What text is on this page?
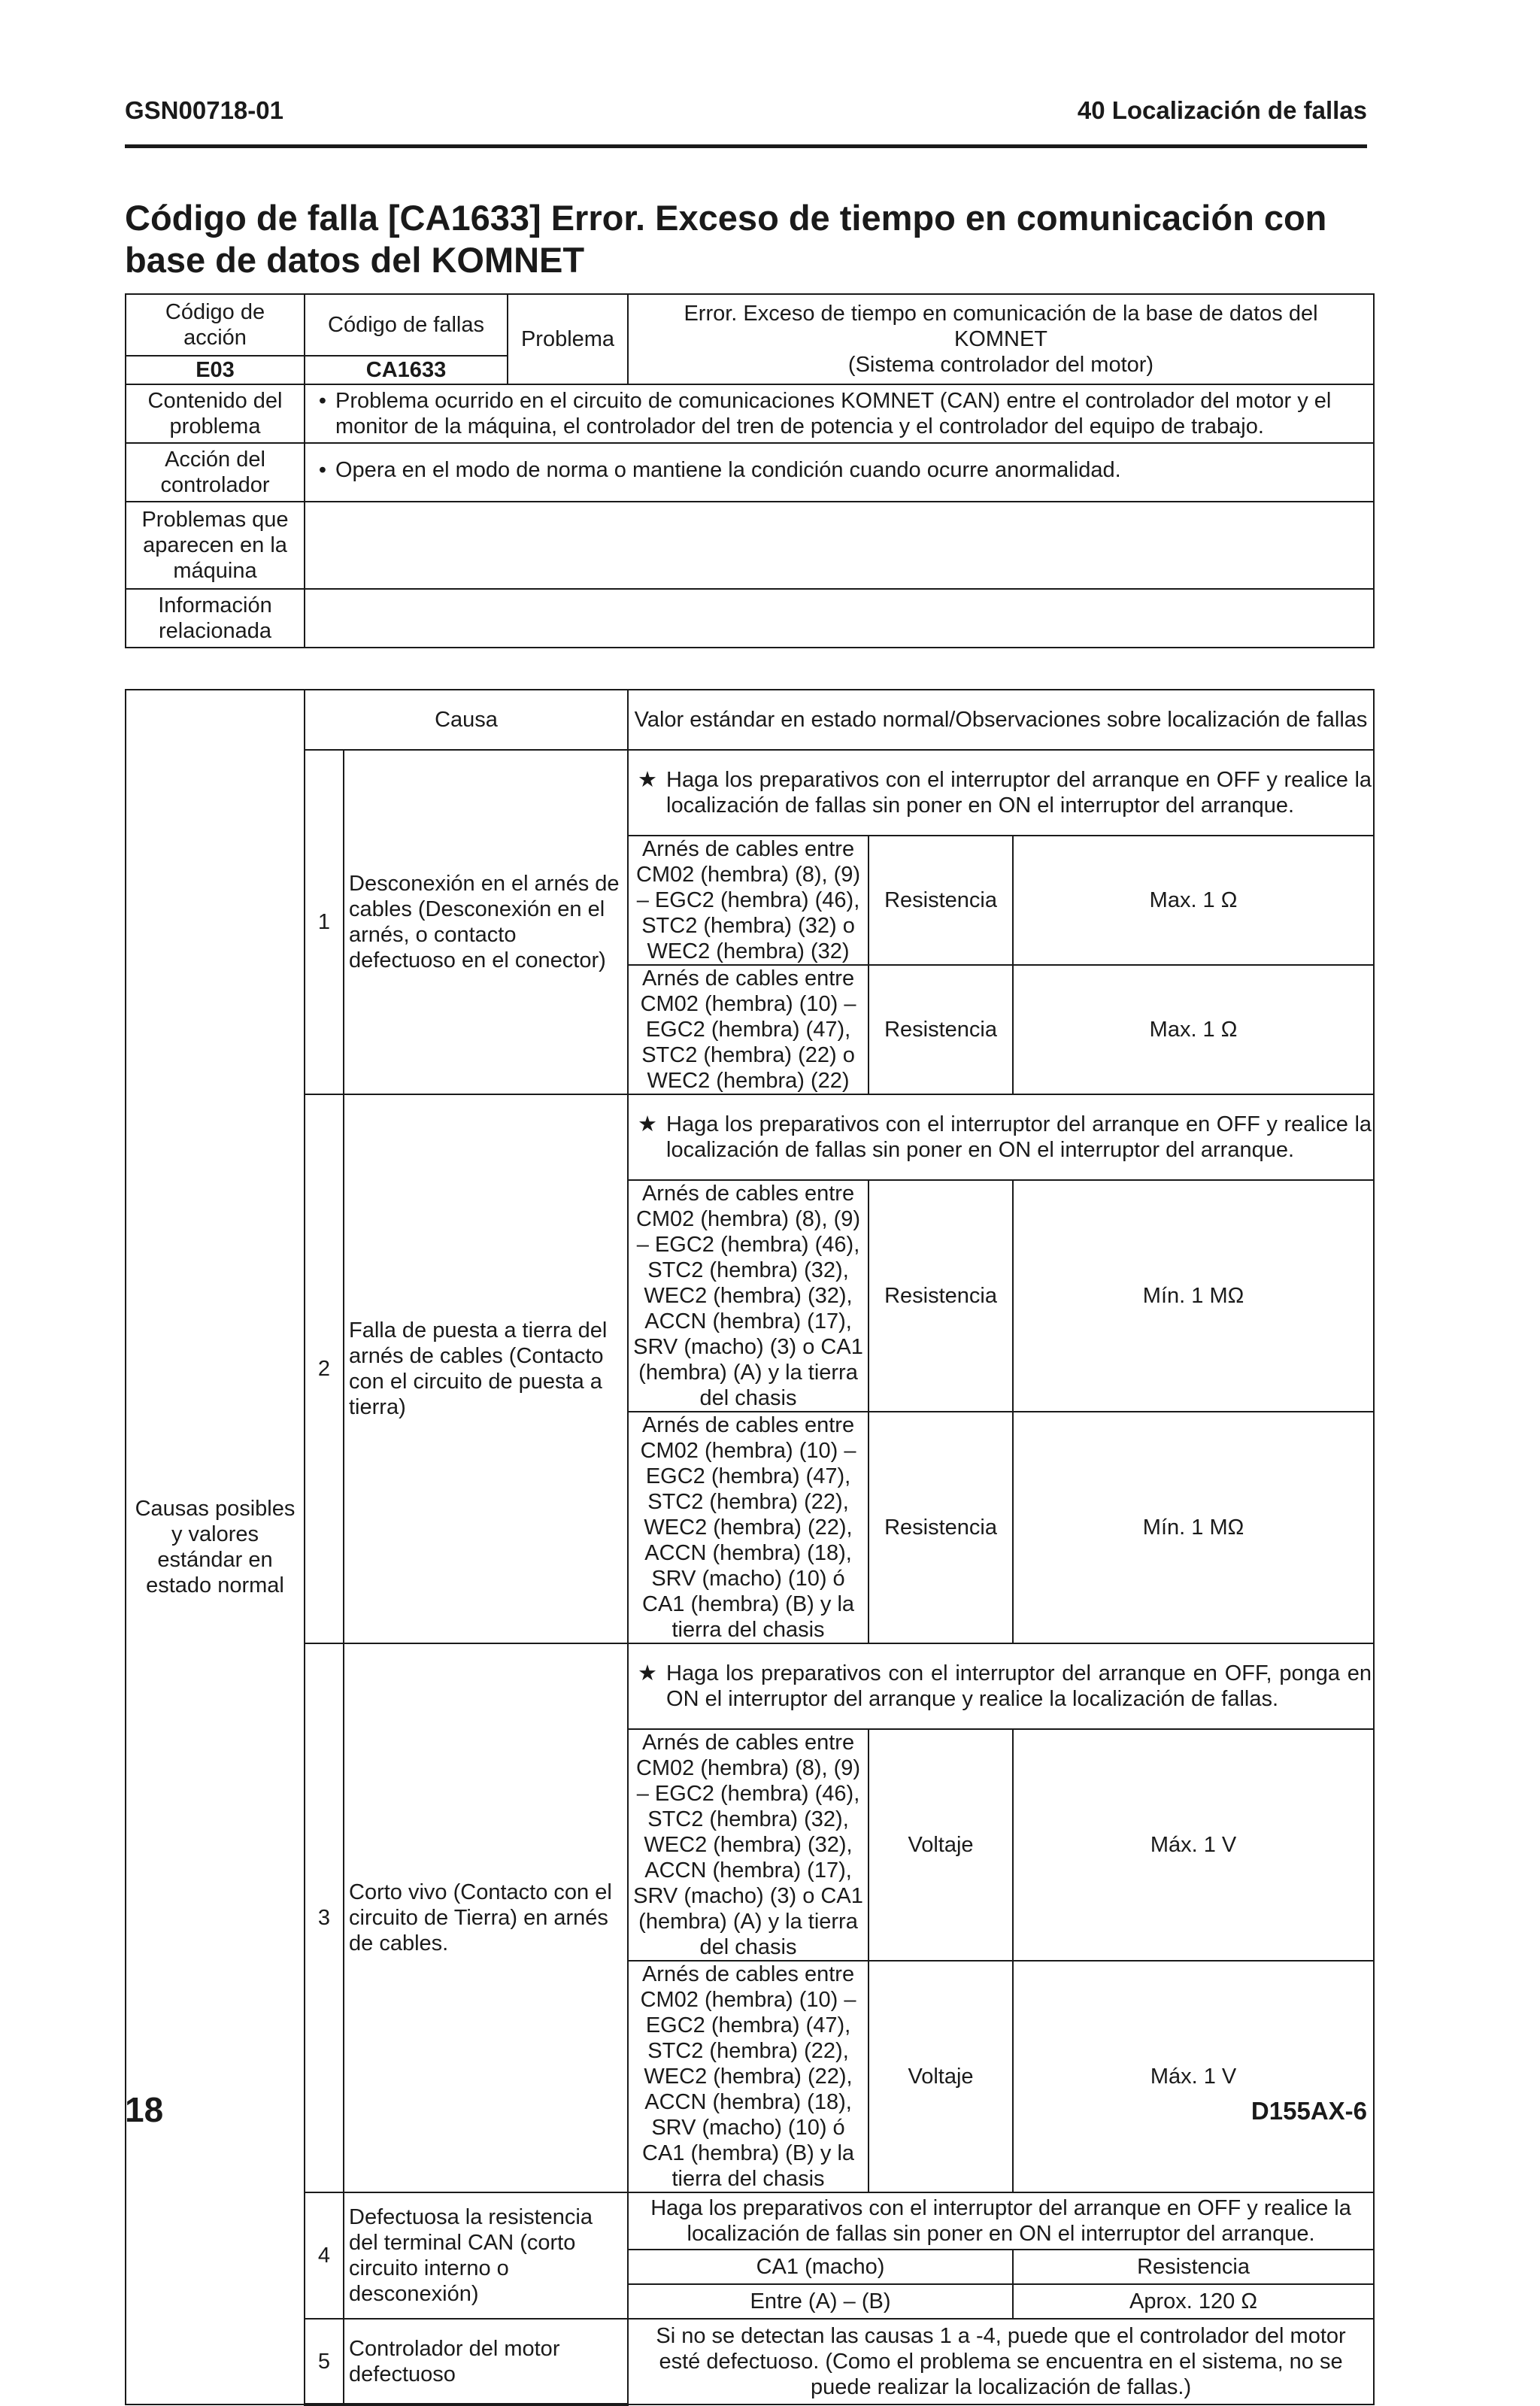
GSN00718-01	40 Localización de fallas
Código de falla [CA1633] Error. Exceso de tiempo en comunicación con base de datos del KOMNET
Código de acción	Código de fallas	Problema	Error. Exceso de tiempo en comunicación de la base de datos del
KOMNET
(Sistema controlador del motor)

E03	CA1633		
Contenido del problema	• Problema ocurrido en el circuito de comunicaciones KOMNET (CAN) entre el controlador del motor y el monitor de la máquina, el controlador del tren de potencia y el controlador del equipo de trabajo.		

Acción del controlador	• Opera en el modo de norma o mantiene la condición cuando ocurre anormalidad.		

Problemas que aparecen en la máquina			
Información relacionada			
Causas posibles y valores estándar en estado normal	Causa		Valor estándar en estado normal/Observaciones sobre localización de fallas		
	1	Desconexión en el arnés de cables (Desconexión en el arnés, o contacto defectuoso en el conector)	★ Haga los preparativos con el interruptor del arranque en OFF y realice la localización de fallas sin poner en ON el interruptor del arranque.		

			Arnés de cables entre CM02 (hembra) (8), (9) – EGC2 (hembra) (46), STC2 (hembra) (32) o WEC2 (hembra) (32)	Resistencia	Max. 1 Ω
			Arnés de cables entre CM02 (hembra) (10) – EGC2 (hembra) (47), STC2 (hembra) (22) o WEC2 (hembra) (22)	Resistencia	Max. 1 Ω
	2	Falla de puesta a tierra del arnés de cables (Contacto con el circuito de puesta a tierra)	★ Haga los preparativos con el interruptor del arranque en OFF y realice la localización de fallas sin poner en ON el interruptor del arranque.		

			Arnés de cables entre CM02 (hembra) (8), (9) – EGC2 (hembra) (46), STC2 (hembra) (32), WEC2 (hembra) (32), ACCN (hembra) (17), SRV (macho) (3) o CA1 (hembra) (A) y la tierra del chasis	Resistencia	Mín. 1 MΩ
			Arnés de cables entre CM02 (hembra) (10) – EGC2 (hembra) (47), STC2 (hembra) (22), WEC2 (hembra) (22), ACCN (hembra) (18), SRV (macho) (10) ó CA1 (hembra) (B) y la tierra del chasis	Resistencia	Mín. 1 MΩ
	3	Corto vivo (Contacto con el circuito de Tierra) en arnés de cables.	★ Haga los preparativos con el interruptor del arranque en OFF, ponga en ON el interruptor del arranque y realice la localización de fallas.		

			Arnés de cables entre CM02 (hembra) (8), (9) – EGC2 (hembra) (46), STC2 (hembra) (32), WEC2 (hembra) (32), ACCN (hembra) (17), SRV (macho) (3) o CA1 (hembra) (A) y la tierra del chasis	Voltaje	Máx. 1 V
			Arnés de cables entre CM02 (hembra) (10) – EGC2 (hembra) (47), STC2 (hembra) (22), WEC2 (hembra) (22), ACCN (hembra) (18), SRV (macho) (10) ó CA1 (hembra) (B) y la tierra del chasis	Voltaje	Máx. 1 V
	4	Defectuosa la resistencia del terminal CAN (corto circuito interno o desconexión)	Haga los preparativos con el interruptor del arranque en OFF y realice la localización de fallas sin poner en ON el interruptor del arranque.		
			CA1 (macho)		Resistencia
			Entre (A) – (B)		Aprox. 120 Ω
	5	Controlador del motor defectuoso	Si no se detectan las causas 1 a -4, puede que el controlador del motor esté defectuoso. (Como el problema se encuentra en el sistema, no se puede realizar la localización de fallas.)		
18	D155AX-6
